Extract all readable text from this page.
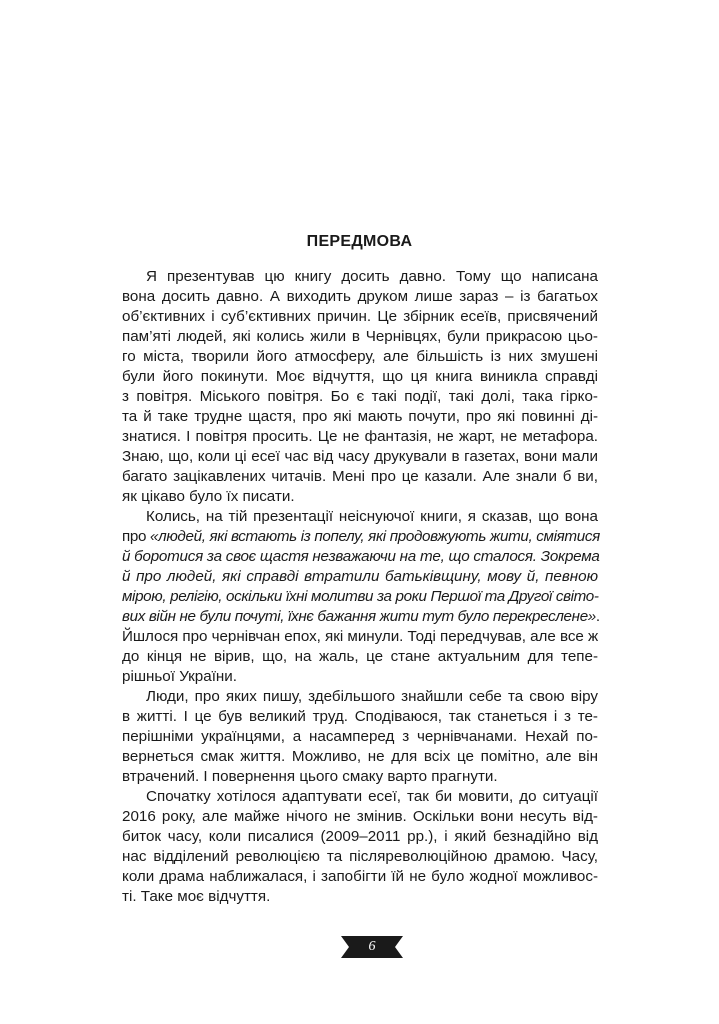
ПЕРЕДМОВА
Я презентував цю книгу досить давно. Тому що написана
вона досить давно. А виходить друком лише зараз – із багатьох
об’єктивних і суб’єктивних причин. Це збірник есеїв, присвячений
пам’яті людей, які колись жили в Чернівцях, були прикрасою цьо-
го міста, творили його атмосферу, але більшість із них змушені
були його покинути. Моє відчуття, що ця книга виникла справді
з повітря. Міського повітря. Бо є такі події, такі долі, така гірко-
та й таке трудне щастя, про які мають почути, про які повинні ді-
знатися. І повітря просить. Це не фантазія, не жарт, не метафора.
Знаю, що, коли ці есеї час від часу друкували в газетах, вони мали
багато зацікавлених читачів. Мені про це казали. Але знали б ви,
як цікаво було їх писати.
Колись, на тій презентації неіснуючої книги, я сказав, що вона
про «людей, які встають із попелу, які продовжують жити, сміятися
й боротися за своє щастя незважаючи на те, що сталося. Зокрема
й про людей, які справді втратили батьківщину, мову й, певною
мірою, релігію, оскільки їхні молитви за роки Першої та Другої світо-
вих війн не були почуті, їхнє бажання жити тут було перекреслене».
Йшлося про чернівчан епох, які минули. Тоді передчував, але все ж
до кінця не вірив, що, на жаль, це стане актуальним для тепе-
рішньої України.
Люди, про яких пишу, здебільшого знайшли себе та свою віру
в житті. І це був великий труд. Сподіваюся, так станеться і з те-
перішніми українцями, а насамперед з чернівчанами. Нехай по-
вернеться смак життя. Можливо, не для всіх це помітно, але він
втрачений. І повернення цього смаку варто прагнути.
Спочатку хотілося адаптувати есеї, так би мовити, до ситуації
2016 року, але майже нічого не змінив. Оскільки вони несуть від-
биток часу, коли писалися (2009–2011 рр.), і який безнадійно від
нас відділений революцією та післяреволюційною драмою. Часу,
коли драма наближалася, і запобігти їй не було жодної можливос-
ті. Таке моє відчуття.
6
